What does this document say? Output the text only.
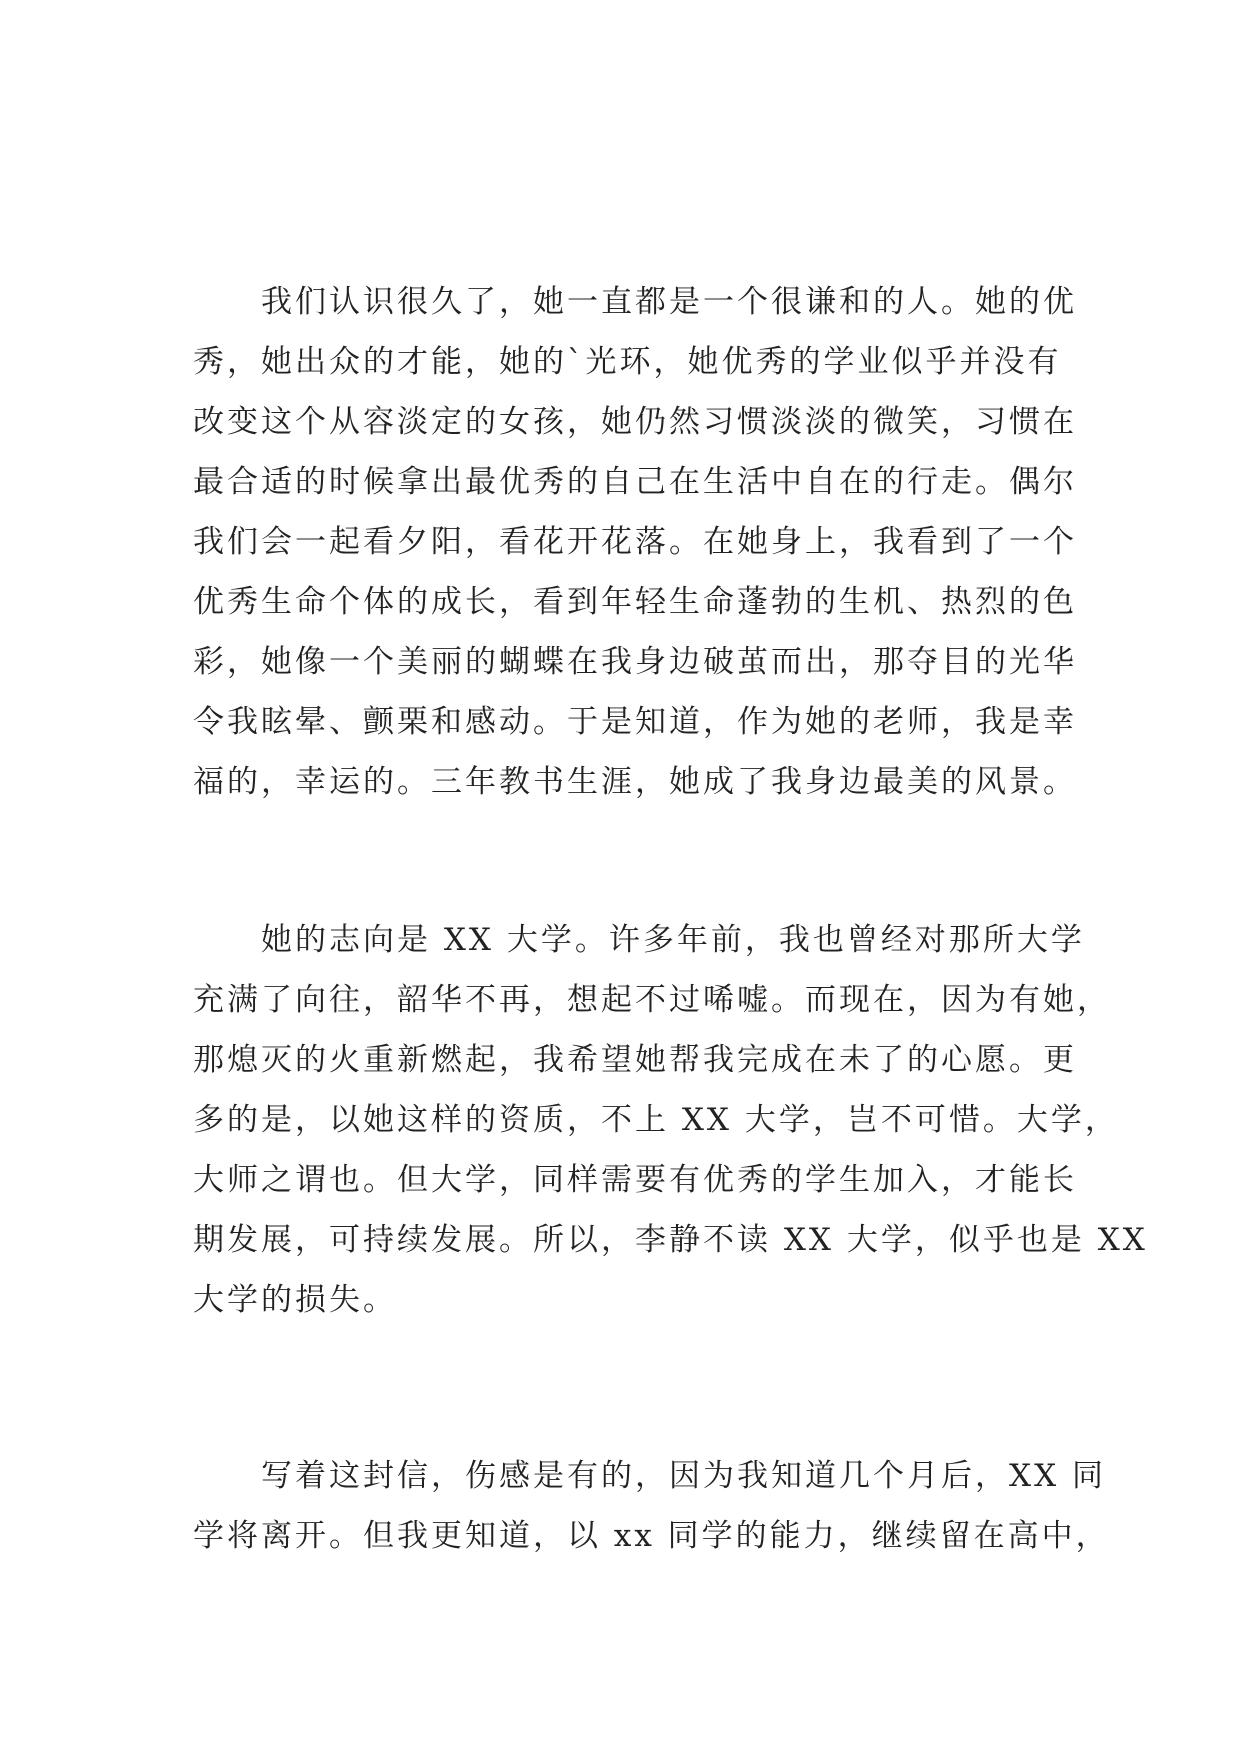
　　我们认识很久了，她一直都是一个很谦和的人。她的优
秀，她出众的才能，她的`光环，她优秀的学业似乎并没有
改变这个从容淡定的女孩，她仍然习惯淡淡的微笑，习惯在
最合适的时候拿出最优秀的自己在生活中自在的行走。偶尔
我们会一起看夕阳，看花开花落。在她身上，我看到了一个
优秀生命个体的成长，看到年轻生命蓬勃的生机、热烈的色
彩，她像一个美丽的蝴蝶在我身边破茧而出，那夺目的光华
令我眩晕、颤栗和感动。于是知道，作为她的老师，我是幸
福的，幸运的。三年教书生涯，她成了我身边最美的风景。
　　她的志向是 XX 大学。许多年前，我也曾经对那所大学
充满了向往，韶华不再，想起不过唏嘘。而现在，因为有她，
那熄灭的火重新燃起，我希望她帮我完成在未了的心愿。更
多的是，以她这样的资质，不上 XX 大学，岂不可惜。大学，
大师之谓也。但大学，同样需要有优秀的学生加入，才能长
期发展，可持续发展。所以，李静不读 XX 大学，似乎也是 XX
大学的损失。
　　写着这封信，伤感是有的，因为我知道几个月后，XX 同
学将离开。但我更知道，以 xx 同学的能力，继续留在高中，
